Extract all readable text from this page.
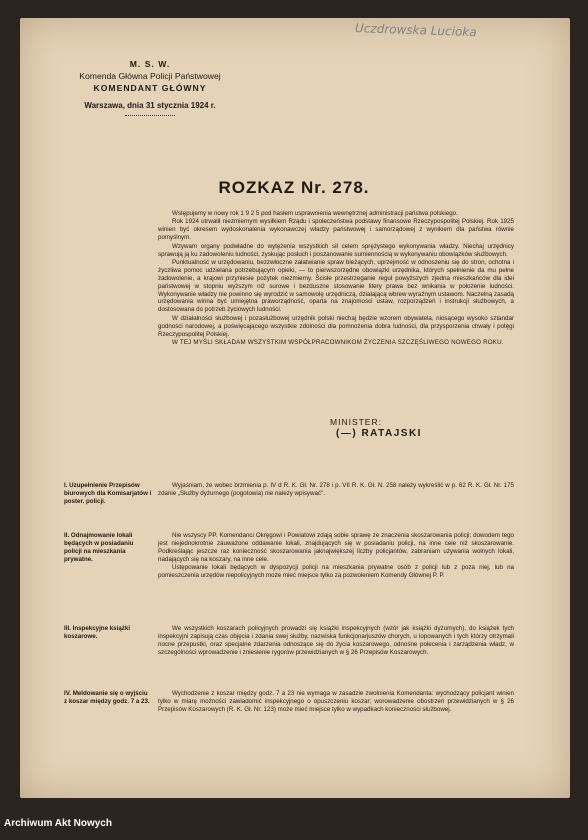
Uczdrowska Lucioka
M. S. W.
Komenda Główna Policji Państwowej
KOMENDANT GŁÓWNY
Warszawa, dnia 31 stycznia 1924 r.
ROZKAZ Nr. 278.

Wstępujemy w nowy rok 1 9 2 5 pod hasłem usprawnienia wewnętrznej administracji państwa polskiego.

Rok 1924 utrwalił niezmiernym wysiłkiem Rządu i społeczeństwa podstawy finansowe Rzeczypospolitej Polskiej. Rok 1925 winien być okresem wydoskonalenia wykonawczej władzy państwowej i samorządowej z wynikiem dla państwa równie pomyślnym.

Wzywam organy podwładne do wytężenia wszystkich sił celem sprężystego wykonywania władzy. Niechaj urzędnicy sprawują ją ku zadowoleniu ludności, zyskując posłuch i poszanowanie sumiennością w wykonywaniu obowiązków służbowych.

Punktualność w urzędowaniu, bezzwłoczne załatwianie spraw bieżących, uprzejmość w odnoszeniu się do stron, ochotna i życzliwa pomoc udzielana potrzebującym opieki, — to pierwszorzędne obowiązki urzędnika, których spełnienie da mu pełne zadowolenie, a krajowi przyniesie pożytek niezmierny. Ścisłe przestrzeganie reguł powyższych zjedna mieszkańców dla idei państwowej w stopniu wyższym niż surowe i bezduszne stosowanie litery prawa bez wnikania w położenie ludności. Wykonywanie władzy nie powinno się wyrodzić w samowolę urzędniczą, działającą wbrew wyraźnym ustawom. Naczelną zasadą urzędowania winna być umiejętna praworządność, oparta na znajomości ustaw, rozporządzeń i instrukcji służbowych, a dostosowana do potrzeb życiowych ludności.

W działalności służbowej i pozasłużbowej urzędnik polski niechaj będzie wzorem obywatela, niosącego wysoko sztandar godności narodowej, a poświęcającego wszystkie zdolności dla pomnożenia dobra ludności, dla przysporzenia chwały i potęgi Rzeczypospolitej Polskiej.

W TEJ MYŚLI SKŁADAM WSZYSTKIM WSPÓŁPRACOWNIKOM ŻYCZENIA SZCZĘŚLIWEGO NOWEGO ROKU.

MINISTER:
(—) RATAJSKI
I. Uzupełnienie Przepisów biurowych dla Komisarjatów i poster. policji.

Wyjaśniam, że wobec brzmienia p. IV d R. K. Gł. Nr. 278 i p. VII R. K. Gł. N. 258 należy wykreślić w p. 62 R. K. Gł. Nr. 175 zdanie „Służby dyżurnego (pogotowia) nie należy wpisywać".

II. Odnajmowanie lokali będących w posiadaniu policji na mieszkania prywatne.

Nie wszyscy PP. Komendanci Okręgowi i Powiatowi zdają sobie sprawę ze znaczenia skoszarowania policji; dowodem tego jest niejednokrotnie zauważone oddawanie lokali, znajdujących się w posiadaniu policji, na inne cele niż skoszarowanie. Podkreślając jeszcze raz konieczność skoszarowania jaknajwiększej liczby policjantów, zabraniam używania wolnych lokali, nadających się na koszary, na inne cele.

Ustępowanie lokali będących w dyspozycji policji na mieszkania prywatne osób z policji lub z poza niej, lub na pomieszczenia urzędów niepolicyjnych może mieć miejsce tylko za pozwoleniem Komendy Głównej P. P.

III. Inspekcyjne książki koszarowe.

We wszystkich koszarach policyjnych prowadzi się książki inspekcyjnych (wzór jak książki dyżurnych), do książek tych inspekcyjni zapisują czas objęcia i zdania swej służby, nazwiska funkcjonarjuszów chorych, u lopowanych i tych którzy otrzymali nocne przepustki, oraz specjalne zdarzenia odnoszące się do życia koszarowego, odnośne polecenia i zarządzenia władz, w szczególności wprowadzenie i zniesienie rygorów przewidzianych w § 26 Przepisów Koszarowych.

IV. Meldowanie się o wyjściu z koszar między godz. 7 a 23.

Wychodzenie z koszar między godz. 7 a 23 nie wymaga w zasadzie zwolnienia Komendanta: wychodzący policjant winien tylko w miarę możności zawiadomić inspekcyjnego o opuszczeniu koszar; worowadzenie obostrzeń przewidzianych w § 26 Przepisów Koszarowych (R. K. Gł. Nr. 123) może mieć miejsce tylko w wypadkach konieczności służbowej.

Archiwum Akt Nowych
